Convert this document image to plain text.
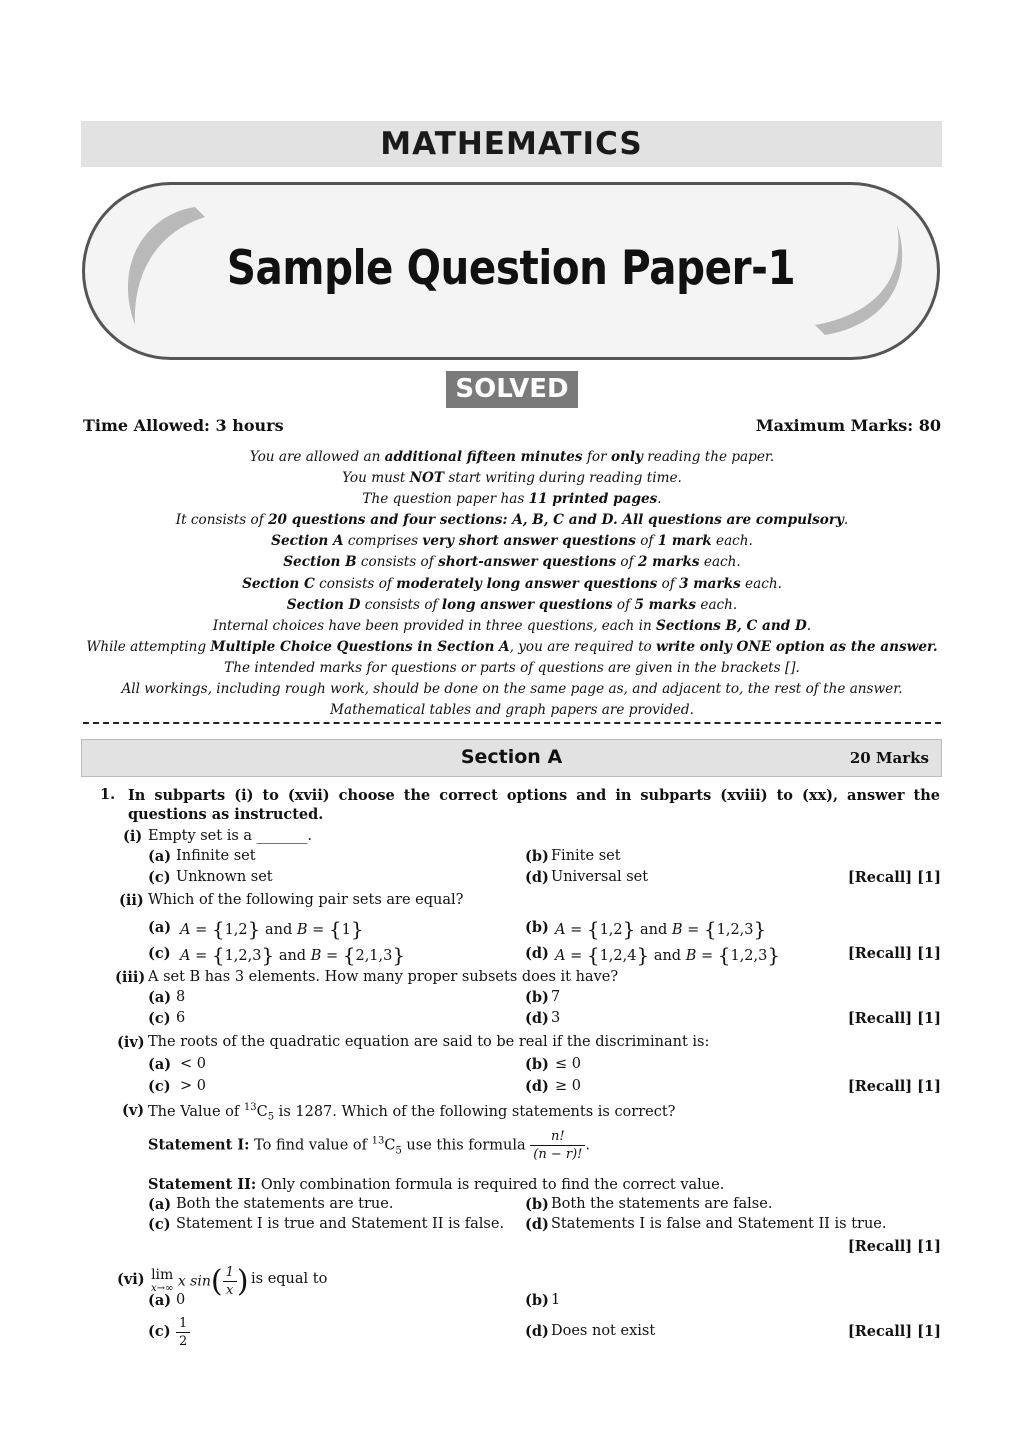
MATHEMATICS
Sample Question Paper-1
SOLVED
Time Allowed: 3 hours	Maximum Marks: 80
You are allowed an additional fifteen minutes for only reading the paper.
You must NOT start writing during reading time.
The question paper has 11 printed pages.
It consists of 20 questions and four sections: A, B, C and D. All questions are compulsory.
Section A comprises very short answer questions of 1 mark each.
Section B consists of short-answer questions of 2 marks each.
Section C consists of moderately long answer questions of 3 marks each.
Section D consists of long answer questions of 5 marks each.
Internal choices have been provided in three questions, each in Sections B, C and D.
While attempting Multiple Choice Questions in Section A, you are required to write only ONE option as the answer.
The intended marks for questions or parts of questions are given in the brackets [].
All workings, including rough work, should be done on the same page as, and adjacent to, the rest of the answer.
Mathematical tables and graph papers are provided.
Section A	20 Marks
1. In subparts (i) to (xvii) choose the correct options and in subparts (xviii) to (xx), answer the questions as instructed.
(i) Empty set is a _______.
(a) Infinite set	(b) Finite set
(c) Unknown set	(d) Universal set	[Recall] [1]
(ii) Which of the following pair sets are equal?
(a) A = {1,2} and B = {1}	(b) A = {1,2} and B = {1,2,3}
(c) A = {1,2,3} and B = {2,1,3}	(d) A = {1,2,4} and B = {1,2,3}	[Recall] [1]
(iii) A set B has 3 elements. How many proper subsets does it have?
(a) 8	(b) 7
(c) 6	(d) 3	[Recall] [1]
(iv) The roots of the quadratic equation are said to be real if the discriminant is:
(a) < 0	(b) ≤ 0
(c) > 0	(d) ≥ 0	[Recall] [1]
(v) The Value of $^{13}C_5$ is 1287. Which of the following statements is correct?
Statement I: To find value of $^{13}C_5$ use this formula $\frac{n!}{(n - r)!}$ .
Statement II: Only combination formula is required to find the correct value.
(a) Both the statements are true.	(b) Both the statements are false.
(c) Statement I is true and Statement II is false. (d) Statements I is false and Statement II is true.
[Recall] [1]
(vi) lim
x→∞ x $\sin( \frac{1}{x}$ ) is equal to
(a) 0	(b) 1
$(c) \frac{1}{2}$	(d) Does not exist	[Recall] [1]
